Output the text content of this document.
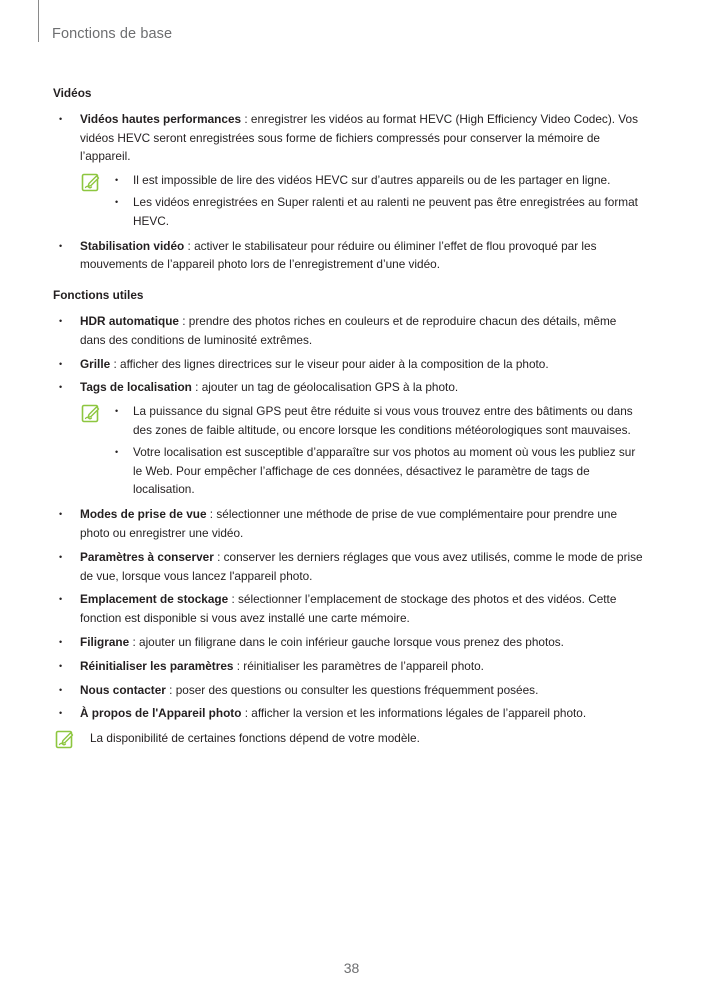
Fonctions de base
Vidéos
• Vidéos hautes performances : enregistrer les vidéos au format HEVC (High Efficiency Video Codec). Vos vidéos HEVC seront enregistrées sous forme de fichiers compressés pour conserver la mémoire de l’appareil.
• Il est impossible de lire des vidéos HEVC sur d’autres appareils ou de les partager en ligne.
• Les vidéos enregistrées en Super ralenti et au ralenti ne peuvent pas être enregistrées au format HEVC.
• Stabilisation vidéo : activer le stabilisateur pour réduire ou éliminer l’effet de flou provoqué par les mouvements de l’appareil photo lors de l’enregistrement d’une vidéo.
Fonctions utiles
• HDR automatique : prendre des photos riches en couleurs et de reproduire chacun des détails, même dans des conditions de luminosité extrêmes.
• Grille : afficher des lignes directrices sur le viseur pour aider à la composition de la photo.
• Tags de localisation : ajouter un tag de géolocalisation GPS à la photo.
• La puissance du signal GPS peut être réduite si vous vous trouvez entre des bâtiments ou dans des zones de faible altitude, ou encore lorsque les conditions météorologiques sont mauvaises.
• Votre localisation est susceptible d’apparaître sur vos photos au moment où vous les publiez sur le Web. Pour empêcher l’affichage de ces données, désactivez le paramètre de tags de localisation.
• Modes de prise de vue : sélectionner une méthode de prise de vue complémentaire pour prendre une photo ou enregistrer une vidéo.
• Paramètres à conserver : conserver les derniers réglages que vous avez utilisés, comme le mode de prise de vue, lorsque vous lancez l'appareil photo.
• Emplacement de stockage : sélectionner l’emplacement de stockage des photos et des vidéos. Cette fonction est disponible si vous avez installé une carte mémoire.
• Filigrane : ajouter un filigrane dans le coin inférieur gauche lorsque vous prenez des photos.
• Réinitialiser les paramètres : réinitialiser les paramètres de l’appareil photo.
• Nous contacter : poser des questions ou consulter les questions fréquemment posées.
• À propos de l'Appareil photo : afficher la version et les informations légales de l’appareil photo.
La disponibilité de certaines fonctions dépend de votre modèle.
38
